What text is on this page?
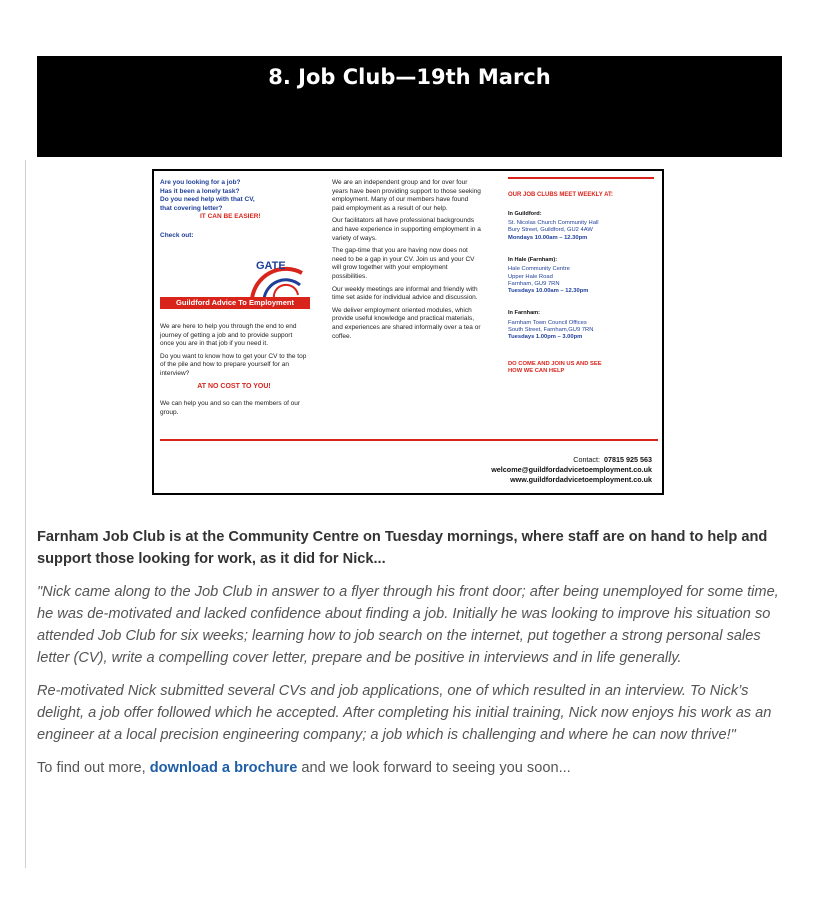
8. Job Club—19th March
Are you looking for a job?
Has it been a lonely task?
Do you need help with that CV,
that covering letter?
IT CAN BE EASIER!
Check out:
GATE
Guildford Advice To Employment

We are here to help you through the end to end journey of getting a job and to provide support once you are in that job if you need it.

Do you want to know how to get your CV to the top of the pile and how to prepare yourself for an interview?

AT NO COST TO YOU!

We can help you and so can the members of our group.

We are an independent group and for over four years have been providing support to those seeking employment. Many of our members have found paid employment as a result of our help.

Our facilitators all have professional backgrounds and have experience in supporting employment in a variety of ways.

The gap-time that you are having now does not need to be a gap in your CV. Join us and your CV will grow together with your employment possibilities.

Our weekly meetings are informal and friendly with time set aside for individual advice and discussion.

We deliver employment oriented modules, which provide useful knowledge and practical materials, and experiences are shared informally over a tea or coffee.

OUR JOB CLUBS MEET WEEKLY AT:
In Guildford:
St. Nicolas Church Community Hall
Bury Street, Guildford, GU2 4AW
Mondays 10.00am – 12.30pm
In Hale (Farnham):
Hale Community Centre
Upper Hale Road
Farnham, GU9 7RN
Tuesdays 10.00am – 12.30pm
In Farnham:
Farnham Town Council Offices
South Street, Farnham,GU9 7RN
Tuesdays 1.00pm – 3.00pm
DO COME AND JOIN US AND SEE
HOW WE CAN HELP
Contact: 07815 925 563
welcome@guildfordadvicetoemployment.co.uk
www.guildfordadvicetoemployment.co.uk

Farnham Job Club is at the Community Centre on Tuesday mornings, where staff are on hand to help and support those looking for work, as it did for Nick...

"Nick came along to the Job Club in answer to a flyer through his front door; after being unemployed for some time, he was de-motivated and lacked confidence about finding a job. Initially he was looking to improve his situation so attended Job Club for six weeks; learning how to job search on the internet, put together a strong personal sales letter (CV), write a compelling cover letter, prepare and be positive in interviews and in life generally.

Re-motivated Nick submitted several CVs and job applications, one of which resulted in an interview. To Nick’s delight, a job offer followed which he accepted. After completing his initial training, Nick now enjoys his work as an engineer at a local precision engineering company; a job which is challenging and where he can now thrive!"

To find out more, download a brochure and we look forward to seeing you soon...
